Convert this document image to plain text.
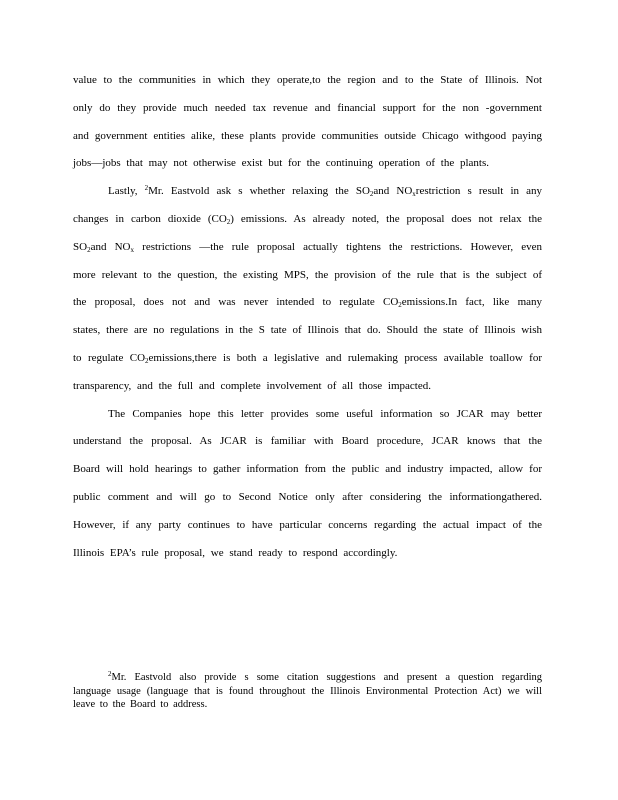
value to the communities in which they operate,to the region and to the State of Illinois. Not only do they provide much needed tax revenue and financial support for the non -government and government entities alike, these plants provide communities outside Chicago withgood paying jobs—jobs that may not otherwise exist but for the continuing operation of the plants.

Lastly, $^2$Mr. Eastvold ask s whether relaxing the $SO_2and$ $NO_xrestriction$ s result in any changes in carbon dioxide $(CO_2)$ emissions. As already noted, the proposal does not relax the $SO_2and$ $NO_x$ restrictions —the rule proposal actually tightens the restrictions. However, even more relevant to the question, the existing MPS, the provision of the rule that is the subject of the proposal, does not and was never intended to regulate $CO_2emissions.In$ fact, like many states, there are no regulations in the S tate of Illinois that do. Should the state of Illinois wish to regulate $CO_2emissions,there$ is both a legislative and rulemaking process available toallow for transparency, and the full and complete involvement of all those impacted.

The Companies hope this letter provides some useful information so JCAR may better understand the proposal. As JCAR is familiar with Board procedure, JCAR knows that the Board will hold hearings to gather information from the public and industry impacted, allow for public comment and will go to Second Notice only after considering the informationgathered. However, if any party continues to have particular concerns regarding the actual impact of the Illinois EPA’s rule proposal, we stand ready to respond accordingly.

$^2$Mr. Eastvold also provide s some citation suggestions and present a question regarding language usage (language that is found throughout the Illinois Environmental Protection Act) we will leave to the Board to address.
